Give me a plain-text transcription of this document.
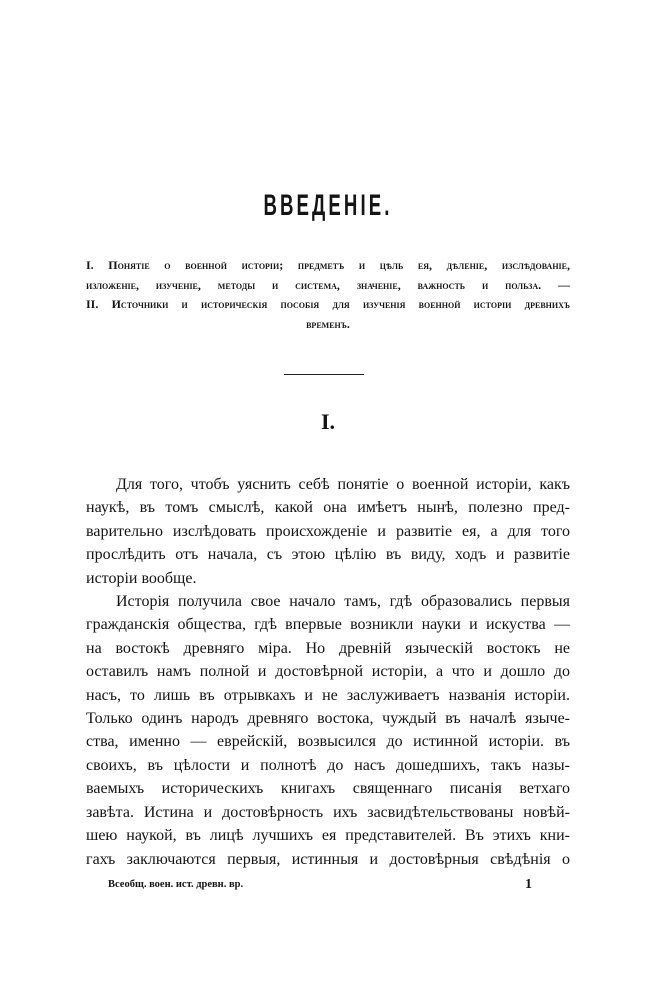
ВВЕДЕНІЕ.
I. Понятіе о военной исторіи; предметъ и цѣль ея, дѣленіе, изслѣдованіе,
изложеніе, изученіе, методы и система, значеніе, важность и польза. —
II. Источники и историческія пособія для изученія военной исторіи древнихъ
временъ.
I.
Для того, чтобъ уяснить себѣ понятіе о военной исторіи, какъ
наукѣ, въ томъ смыслѣ, какой она имѣетъ нынѣ, полезно пред-
варительно изслѣдовать происхожденіе и развитіе ея, а для того
прослѣдить отъ начала, съ этою цѣлію въ виду, ходъ и развитіе
исторіи вообще.
Исторія получила свое начало тамъ, гдѣ образовались первыя
гражданскія общества, гдѣ впервые возникли науки и искуства —
на востокѣ древняго міра. Но древній языческій востокъ не
оставилъ намъ полной и достовѣрной исторіи, а что и дошло до
насъ, то лишь въ отрывкахъ и не заслуживаетъ названія исторіи.
Только одинъ народъ древняго востока, чуждый въ началѣ языче-
ства, именно — еврейскій, возвысился до истинной исторіи. въ
своихъ, въ цѣлости и полнотѣ до насъ дошедшихъ, такъ назы-
ваемыхъ историческихъ книгахъ священнаго писанія ветхаго
завѣта. Истина и достовѣрность ихъ засвидѣтельствованы новѣй-
шею наукой, въ лицѣ лучшихъ ея представителей. Въ этихъ кни-
гахъ заключаются первыя, истинныя и достовѣрныя свѣдѣнія о
Всеобщ. воен. ист. древн. вр.	1
